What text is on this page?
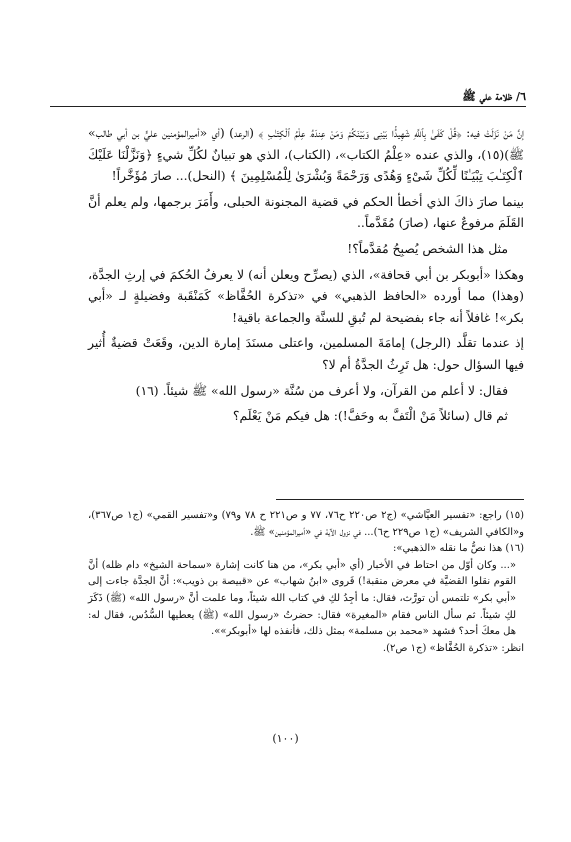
٦/ ظلامة علي ﷺ

إنَّ مَنْ نَزَلَتْ فيه: ﴿قُلْ كَفَىٰ بِٱللَّهِ شَهِيدًۢا بَيْنِى وَبَيْنَكُمْ وَمَنْ عِندَهُۥ عِلْمُ ٱلْكِتَـٰبِ ﴾ (الرعد) (أي «أميرالمؤمنين عليٍّ بن أبي طالب» ﷺ)(١٥)، والذي عنده «عِلْمُ الكتاب»، (الكتاب)، الذي هو تبيانٌ لكُلِّ شيءٍ ﴿وَنَزَّلْنَا عَلَيْكَ ٱلْكِتَـٰبَ تِبْيَـٰنًا لِّكُلِّ شَىْءٍ وَهُدًى وَرَحْمَةً وَبُشْرَىٰ لِلْمُسْلِمِينَ ﴾ (النحل)... صارَ مُؤَخَّراً!

بينما صارَ ذاكَ الذي أخطأ الحكم في قضية المجنونة الحبلى، وأَمَرَ برجمها، ولم يعلم أنَّ القَلَمَ مرفوعٌ عنها، (صارَ) مُقَدَّماً..

مثل هذا الشخص يُصبِحُ مُقدَّماً؟!

وهكذا «أبوبكر بن أبي قحافة»، الذي (يصرِّح ويعلن أنه) لا يعرفُ الحُكمَ في إرثِ الجدَّة، (وهذا) مما أورده «الحافظ الذهبي» في «تذكرة الحُفَّاظ» كَمَنْقَبة وفضيلةٍ لـ «أبي بكر»! غافلاً أنه جاء بفضيحة لم تُبقِ للسنَّة والجماعة باقية!

إذ عندما تقلَّد (الرجل) إمامَةَ المسلمين، واعتلى مسنَدَ إمارة الدين، وقَعَتْ قضيةٌ أُثير فيها السؤال حول: هل تَرِثُ الجدَّةُ أم لا؟

فقال: لا أعلم من القرآن، ولا أعرف من سُنَّة «رسول الله» ﷺ شيئاً. (١٦)

ثم قال (سائلاً مَنْ الْتَفَّ به وحَفَّ!): هل فيكم مَنْ يَعْلَم؟

(١٥) راجع: «تفسير العيَّاشي» (ج٢ ص٢٢٠ ح٧٦، ٧٧ و ص٢٢١ ح ٧٨ و٧٩) و«تفسير القمي» (ج١ ص٣٦٧)، و«الكافي الشريف» (ج١ ص٢٢٩ ح٦)... في نزول الآية في «أميرالمؤمنين» ﷺ.

(١٦) هذا نصُّ ما نقله «الذهبي»:

«... وكان أوّل من احتاط في الأخبار (أي «أبي بكر»، من هنا كانت إشارة «سماحة الشيخ» دام ظله) أنَّ القوم نقلوا القضيَّة في معرض منقبة!) فَروى «ابنُ شهاب» عن «قبيصة بن ذويب»: أنَّ الجدَّة جاءت إلى «أبي بكر» تلتمس أن تورَّث، فقال: ما أجِدُ لكِ في كتاب الله شيئاً، وما علمت أنَّ «رسول الله» (ﷺ) ذَكَرَ لكِ شيئاً. ثم سأل الناس فقام «المغيرة» فقال: حضرتُ «رسول الله» (ﷺ) يعطيها السُّدُس، فقال له: هل معكَ أحد؟ فشهد «محمد بن مسلمة» بمثل ذلك، فأنفذه لها «أبوبكر»».

انظر: «تذكرة الحُفَّاظ» (ج١ ص٢).

(١٠٠)
